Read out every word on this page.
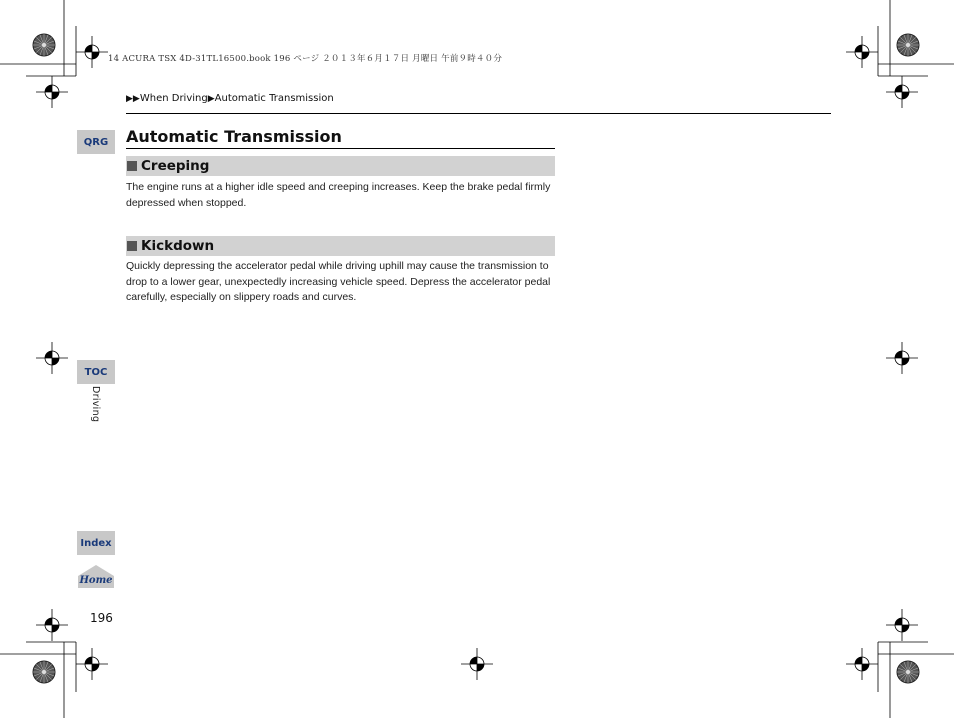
14 ACURA TSX 4D-31TL16500.book 196 ページ ２０１３年６月１７日 月曜日 午前９時４０分
▶▶When Driving▶Automatic Transmission
QRG	Automatic Transmission
Creeping
The engine runs at a higher idle speed and creeping increases. Keep the brake pedal firmly depressed when stopped.
Kickdown
Quickly depressing the accelerator pedal while driving uphill may cause the transmission to drop to a lower gear, unexpectedly increasing vehicle speed. Depress the accelerator pedal carefully, especially on slippery roads and curves.
TOC
Driving
Index
Home
196
